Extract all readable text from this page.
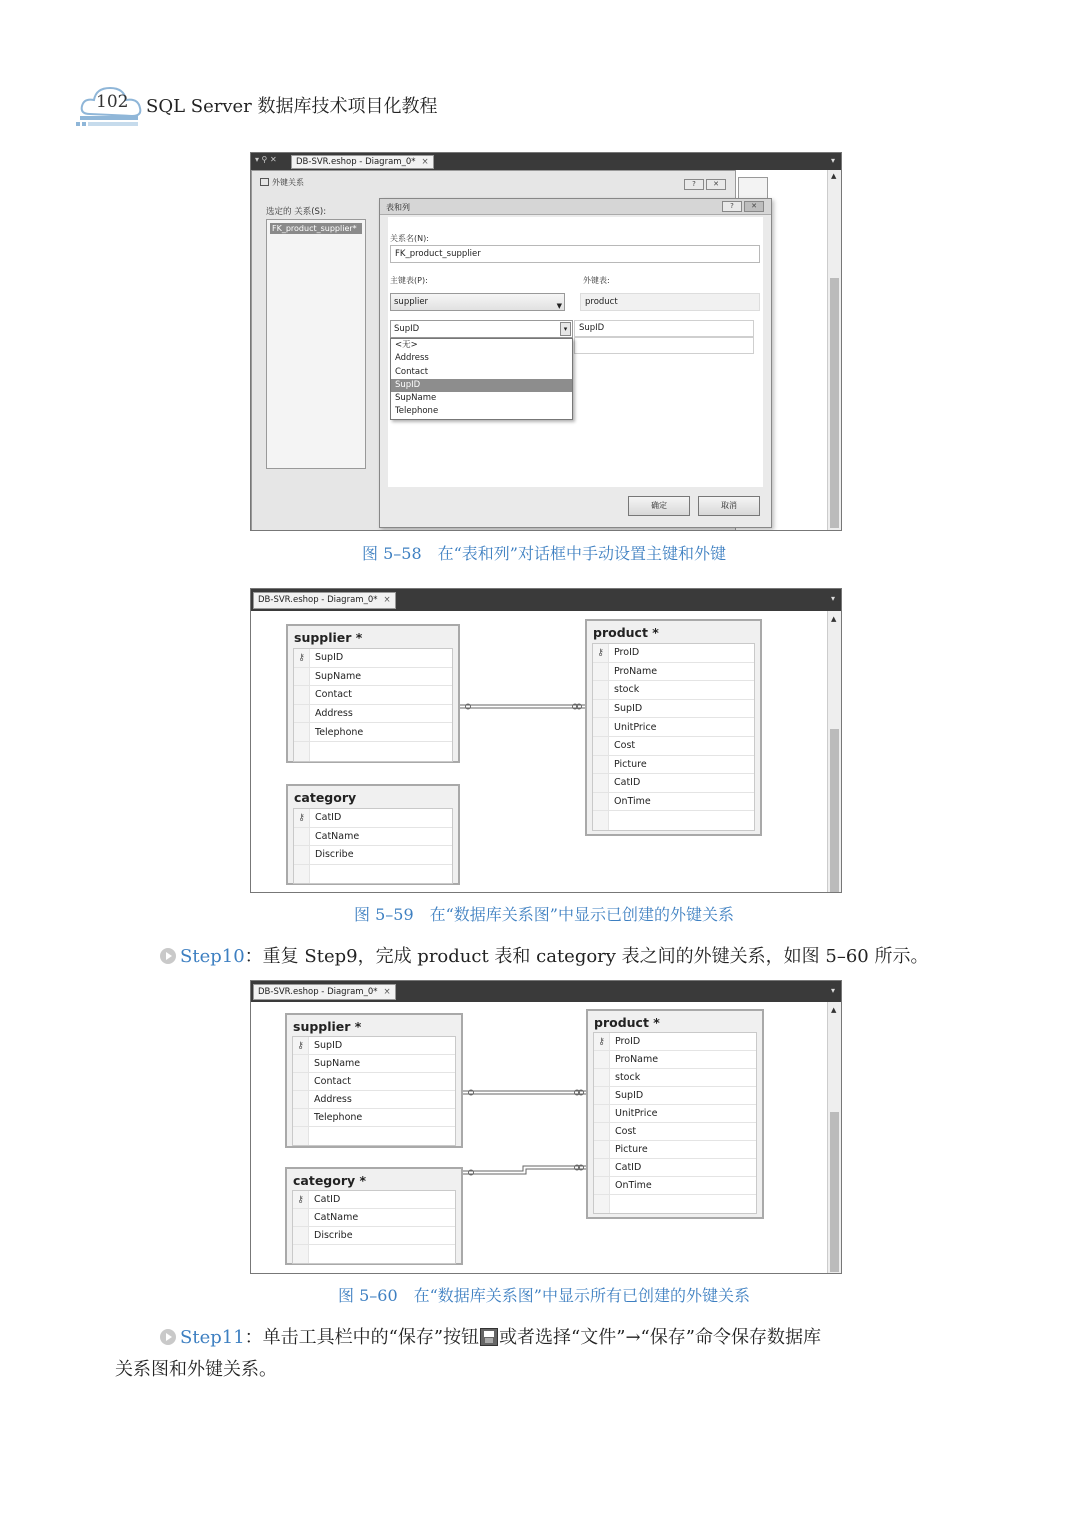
102 SQL Server 数据库技术项目化教程
▾ ⚲ ✕	DB-SVR.eshop - Diagram_0* ×	▾
▲
外键关系	?	✕
选定的 关系(S):
FK_product_supplier*
表和列	?	✕
关系名(N):
FK_product_supplier
主键表(P):
supplier	▼
外键表:
product
SupID	▾	SupID
<无>
Address
Contact
SupID
SupName
Telephone
确定	取消
图 5–58　在“表和列”对话框中手动设置主键和外键
DB-SVR.eshop - Diagram_0* ×	▾
▲
supplier *
⚷	SupID
SupName
Contact
Address
Telephone
category
⚷	CatID
CatName
Discribe
product *
⚷	ProID
ProName
stock
SupID
UnitPrice
Cost
Picture
CatID
OnTime
图 5–59　在“数据库关系图”中显示已创建的外键关系
Step10：重复 Step9，完成 product 表和 category 表之间的外键关系，如图 5–60 所示。
DB-SVR.eshop - Diagram_0* ×	▾
▲
supplier *
⚷	SupID
SupName
Contact
Address
Telephone
category *
⚷	CatID
CatName
Discribe
product *
⚷	ProID
ProName
stock
SupID
UnitPrice
Cost
Picture
CatID
OnTime
图 5–60　在“数据库关系图”中显示所有已创建的外键关系
Step11：单击工具栏中的“保存”按钮 或者选择“文件”→“保存”命令保存数据库
关系图和外键关系。
